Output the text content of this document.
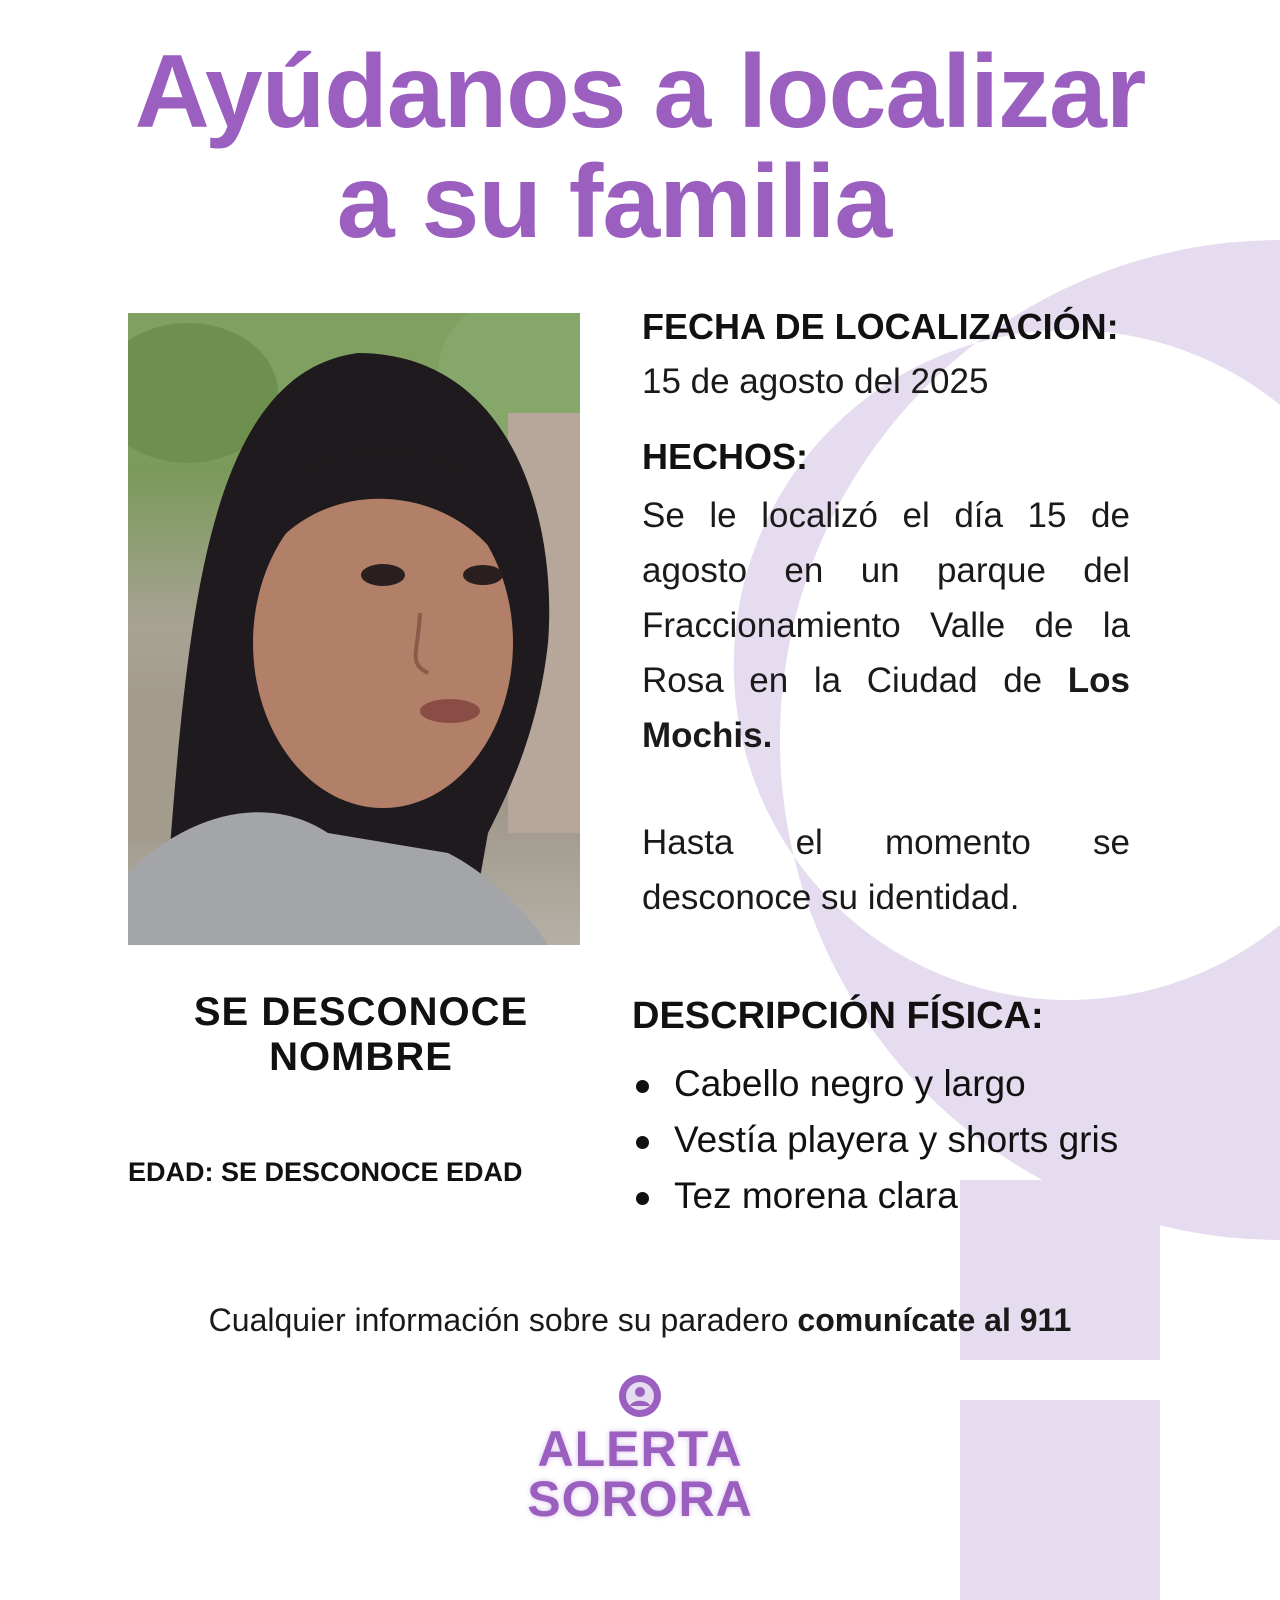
Ayúdanos a localizar
a su familia
FECHA DE LOCALIZACIÓN:
15 de agosto del 2025
HECHOS:

Se le localizó el día 15 de agosto en un parque del Fraccionamiento Valle de la Rosa en la Ciudad de Los Mochis.

Hasta el momento se desconoce su identidad.

SE DESCONOCE
NOMBRE
EDAD: SE DESCONOCE EDAD
DESCRIPCIÓN FÍSICA:
Cabello negro y largo
Vestía playera y shorts gris
Tez morena clara
Cualquier información sobre su paradero comunícate al 911
ALERTA
SORORA
